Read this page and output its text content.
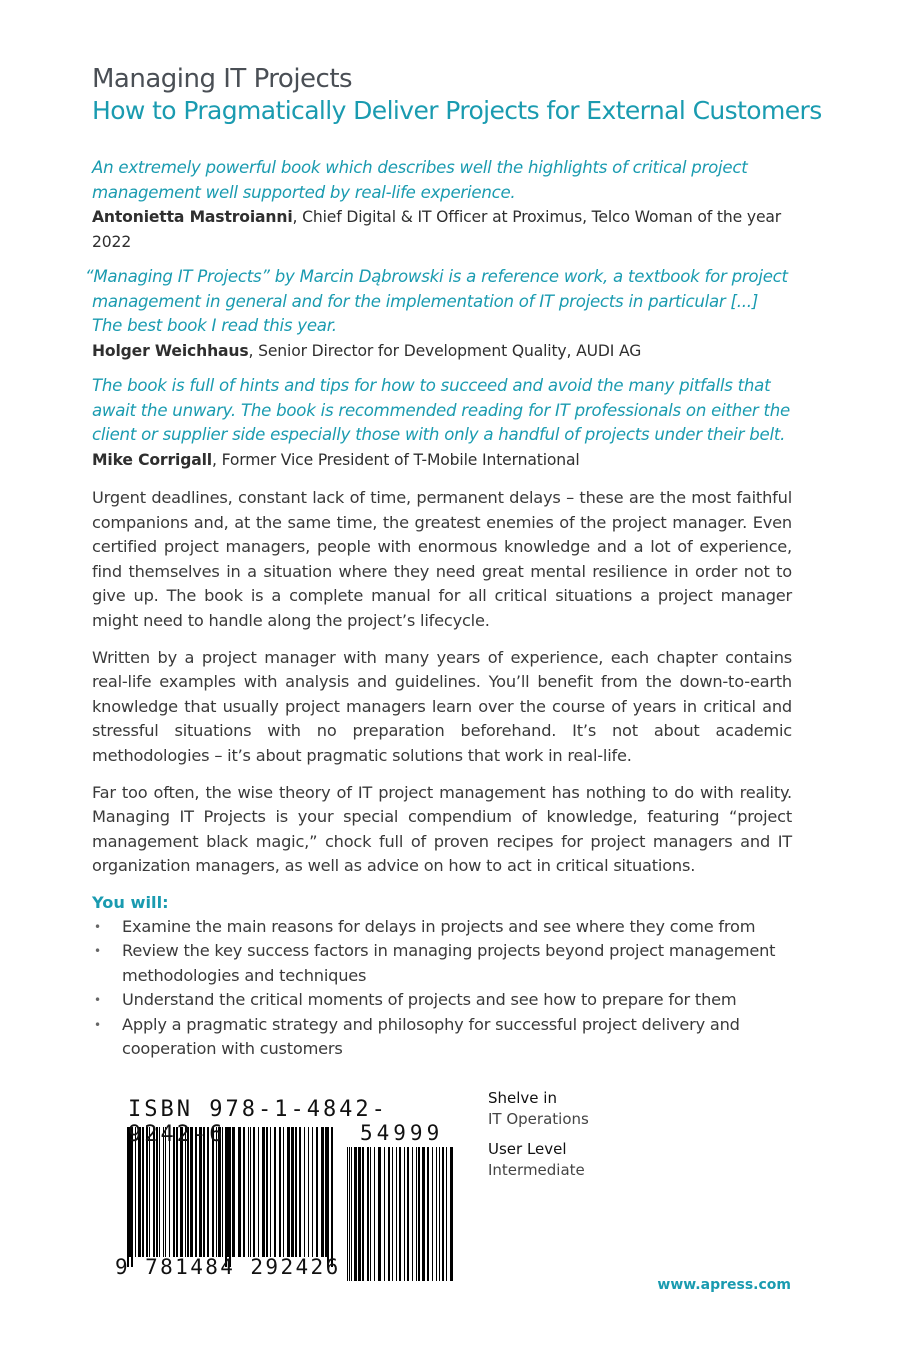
Managing IT Projects
How to Pragmatically Deliver Projects for External Customers
An extremely powerful book which describes well the highlights of critical project management well supported by real-life experience.
Antonietta Mastroianni, Chief Digital & IT Officer at Proximus, Telco Woman of the year 2022
“Managing IT Projects” by Marcin Dąbrowski is a reference work, a textbook for project management in general and for the implementation of IT projects in particular [...] The best book I read this year.
Holger Weichhaus, Senior Director for Development Quality, AUDI AG
The book is full of hints and tips for how to succeed and avoid the many pitfalls that await the unwary. The book is recommended reading for IT professionals on either the client or supplier side especially those with only a handful of projects under their belt.
Mike Corrigall, Former Vice President of T-Mobile International

Urgent deadlines, constant lack of time, permanent delays – these are the most faithful companions and, at the same time, the greatest enemies of the project manager. Even certified project managers, people with enormous knowledge and a lot of experience, find themselves in a situation where they need great mental resilience in order not to give up. The book is a complete manual for all critical situations a project manager might need to handle along the project’s lifecycle.

Written by a project manager with many years of experience, each chapter contains real-life examples with analysis and guidelines. You’ll benefit from the down-to-earth knowledge that usually project managers learn over the course of years in critical and stressful situations with no preparation beforehand. It’s not about academic methodologies – it’s about pragmatic solutions that work in real-life.

Far too often, the wise theory of IT project management has nothing to do with reality. Managing IT Projects is your special compendium of knowledge, featuring “project management black magic,” chock full of proven recipes for project managers and IT organization managers, as well as advice on how to act in critical situations.

You will:
• Examine the main reasons for delays in projects and see where they come from
• Review the key success factors in managing projects beyond project management methodologies and techniques
• Understand the critical moments of projects and see how to prepare for them
• Apply a pragmatic strategy and philosophy for successful project delivery and cooperation with customers
ISBN 978-1-4842-9242-6	54999
9 781484 292426
Shelve in
IT Operations
User Level
Intermediate
www.apress.com
